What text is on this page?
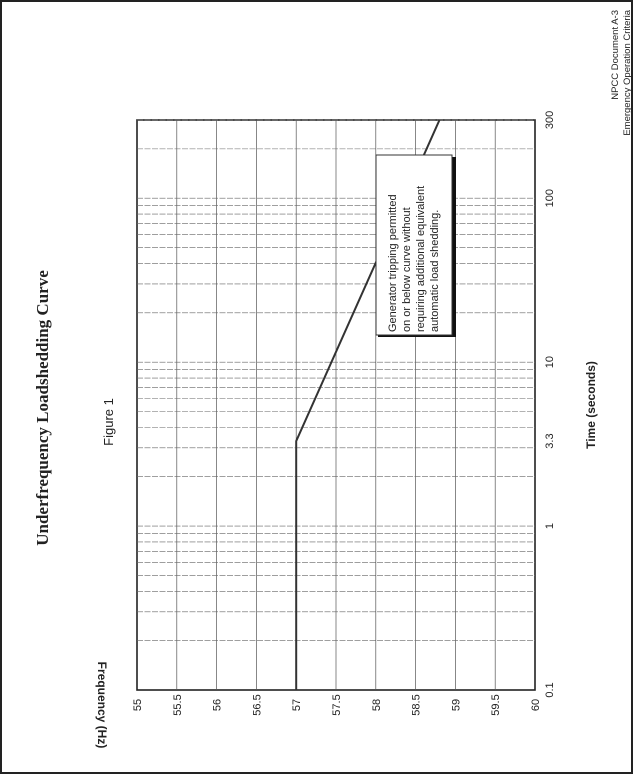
NPCC Document A-3 Emergency Operation Criteria
Underfrequency Loadshedding Curve	Figure 1
55	55.5	56	56.5	57	57.5	58	58.5	59	59.5	60
0.1
1
3.3
10
100
300
Generator tripping permitted on or below curve without requiring additional equivalent automatic load shedding.
Time (seconds)
Frequency (Hz)
